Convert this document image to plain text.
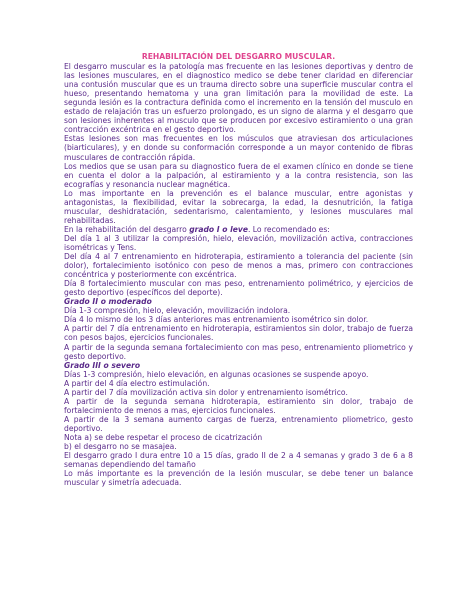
REHABILITACIÓN DEL DESGARRO MUSCULAR.

El desgarro muscular es la patología mas frecuente en las lesiones deportivas y dentro de las lesiones musculares, en el diagnostico medico se debe tener claridad en diferenciar una contusión muscular que es un trauma directo sobre una superficie muscular contra el hueso, presentando hematoma y una gran limitación para la movilidad de este. La segunda lesión es la contractura definida como el incremento en la tensión del musculo en estado de relajación tras un esfuerzo prolongado, es un signo de alarma y el desgarro que son lesiones inherentes al musculo que se producen por excesivo estiramiento o una gran contracción excéntrica en el gesto deportivo.

Estas lesiones son mas frecuentes en los músculos que atraviesan dos articulaciones (biarticulares), y en donde su conformación corresponde a un mayor contenido de fibras musculares de contracción rápida.

Los medios que se usan para su diagnostico fuera de el examen clínico en donde se tiene en cuenta el dolor a la palpación, al estiramiento y a la contra resistencia, son las ecografías y resonancia nuclear magnética.

Lo mas importante en la prevención es el balance muscular, entre agonistas y antagonistas, la flexibilidad, evitar la sobrecarga, la edad, la desnutrición, la fatiga muscular, deshidratación, sedentarismo, calentamiento, y lesiones musculares mal rehabilitadas.

En la rehabilitación del desgarro grado I o leve. Lo recomendado es:

Del día 1 al 3 utilizar la compresión, hielo, elevación, movilización activa, contracciones isométricas y Tens.

Del día 4 al 7 entrenamiento en hidroterapia, estiramiento a tolerancia del paciente (sin dolor), fortalecimiento isotónico con peso de menos a mas, primero con contracciones concéntrica y posteriormente con excéntrica.

Día 8 fortalecimiento muscular con mas peso, entrenamiento polimétrico, y ejercicios de gesto deportivo (específicos del deporte).

Grado II o moderado

Día 1-3 compresión, hielo, elevación, movilización indolora.

Día 4 lo mismo de los 3 días anteriores mas entrenamiento isométrico sin dolor.

A partir del 7 día entrenamiento en hidroterapia, estiramientos sin dolor, trabajo de fuerza con pesos bajos, ejercicios funcionales.

A partir de la segunda semana fortalecimiento con mas peso, entrenamiento pliometrico y gesto deportivo.

Grado III o severo

Días 1-3 compresión, hielo elevación, en algunas ocasiones se suspende apoyo.

A partir del 4 día electro estimulación.

A partir del 7 día movilización activa sin dolor y entrenamiento isométrico.

A partir de la segunda semana hidroterapia, estiramiento sin dolor, trabajo de fortalecimiento de menos a mas, ejercicios funcionales.

A partir de la 3 semana aumento cargas de fuerza, entrenamiento pliometrico, gesto deportivo.

Nota a) se debe respetar el proceso de cicatrización

b) el desgarro no se masajea.

El desgarro grado I dura entre 10 a 15 días, grado II de 2 a 4 semanas y grado 3 de 6 a 8 semanas dependiendo del tamaño

Lo más importante es la prevención de la lesión muscular, se debe tener un balance muscular y simetría adecuada.
